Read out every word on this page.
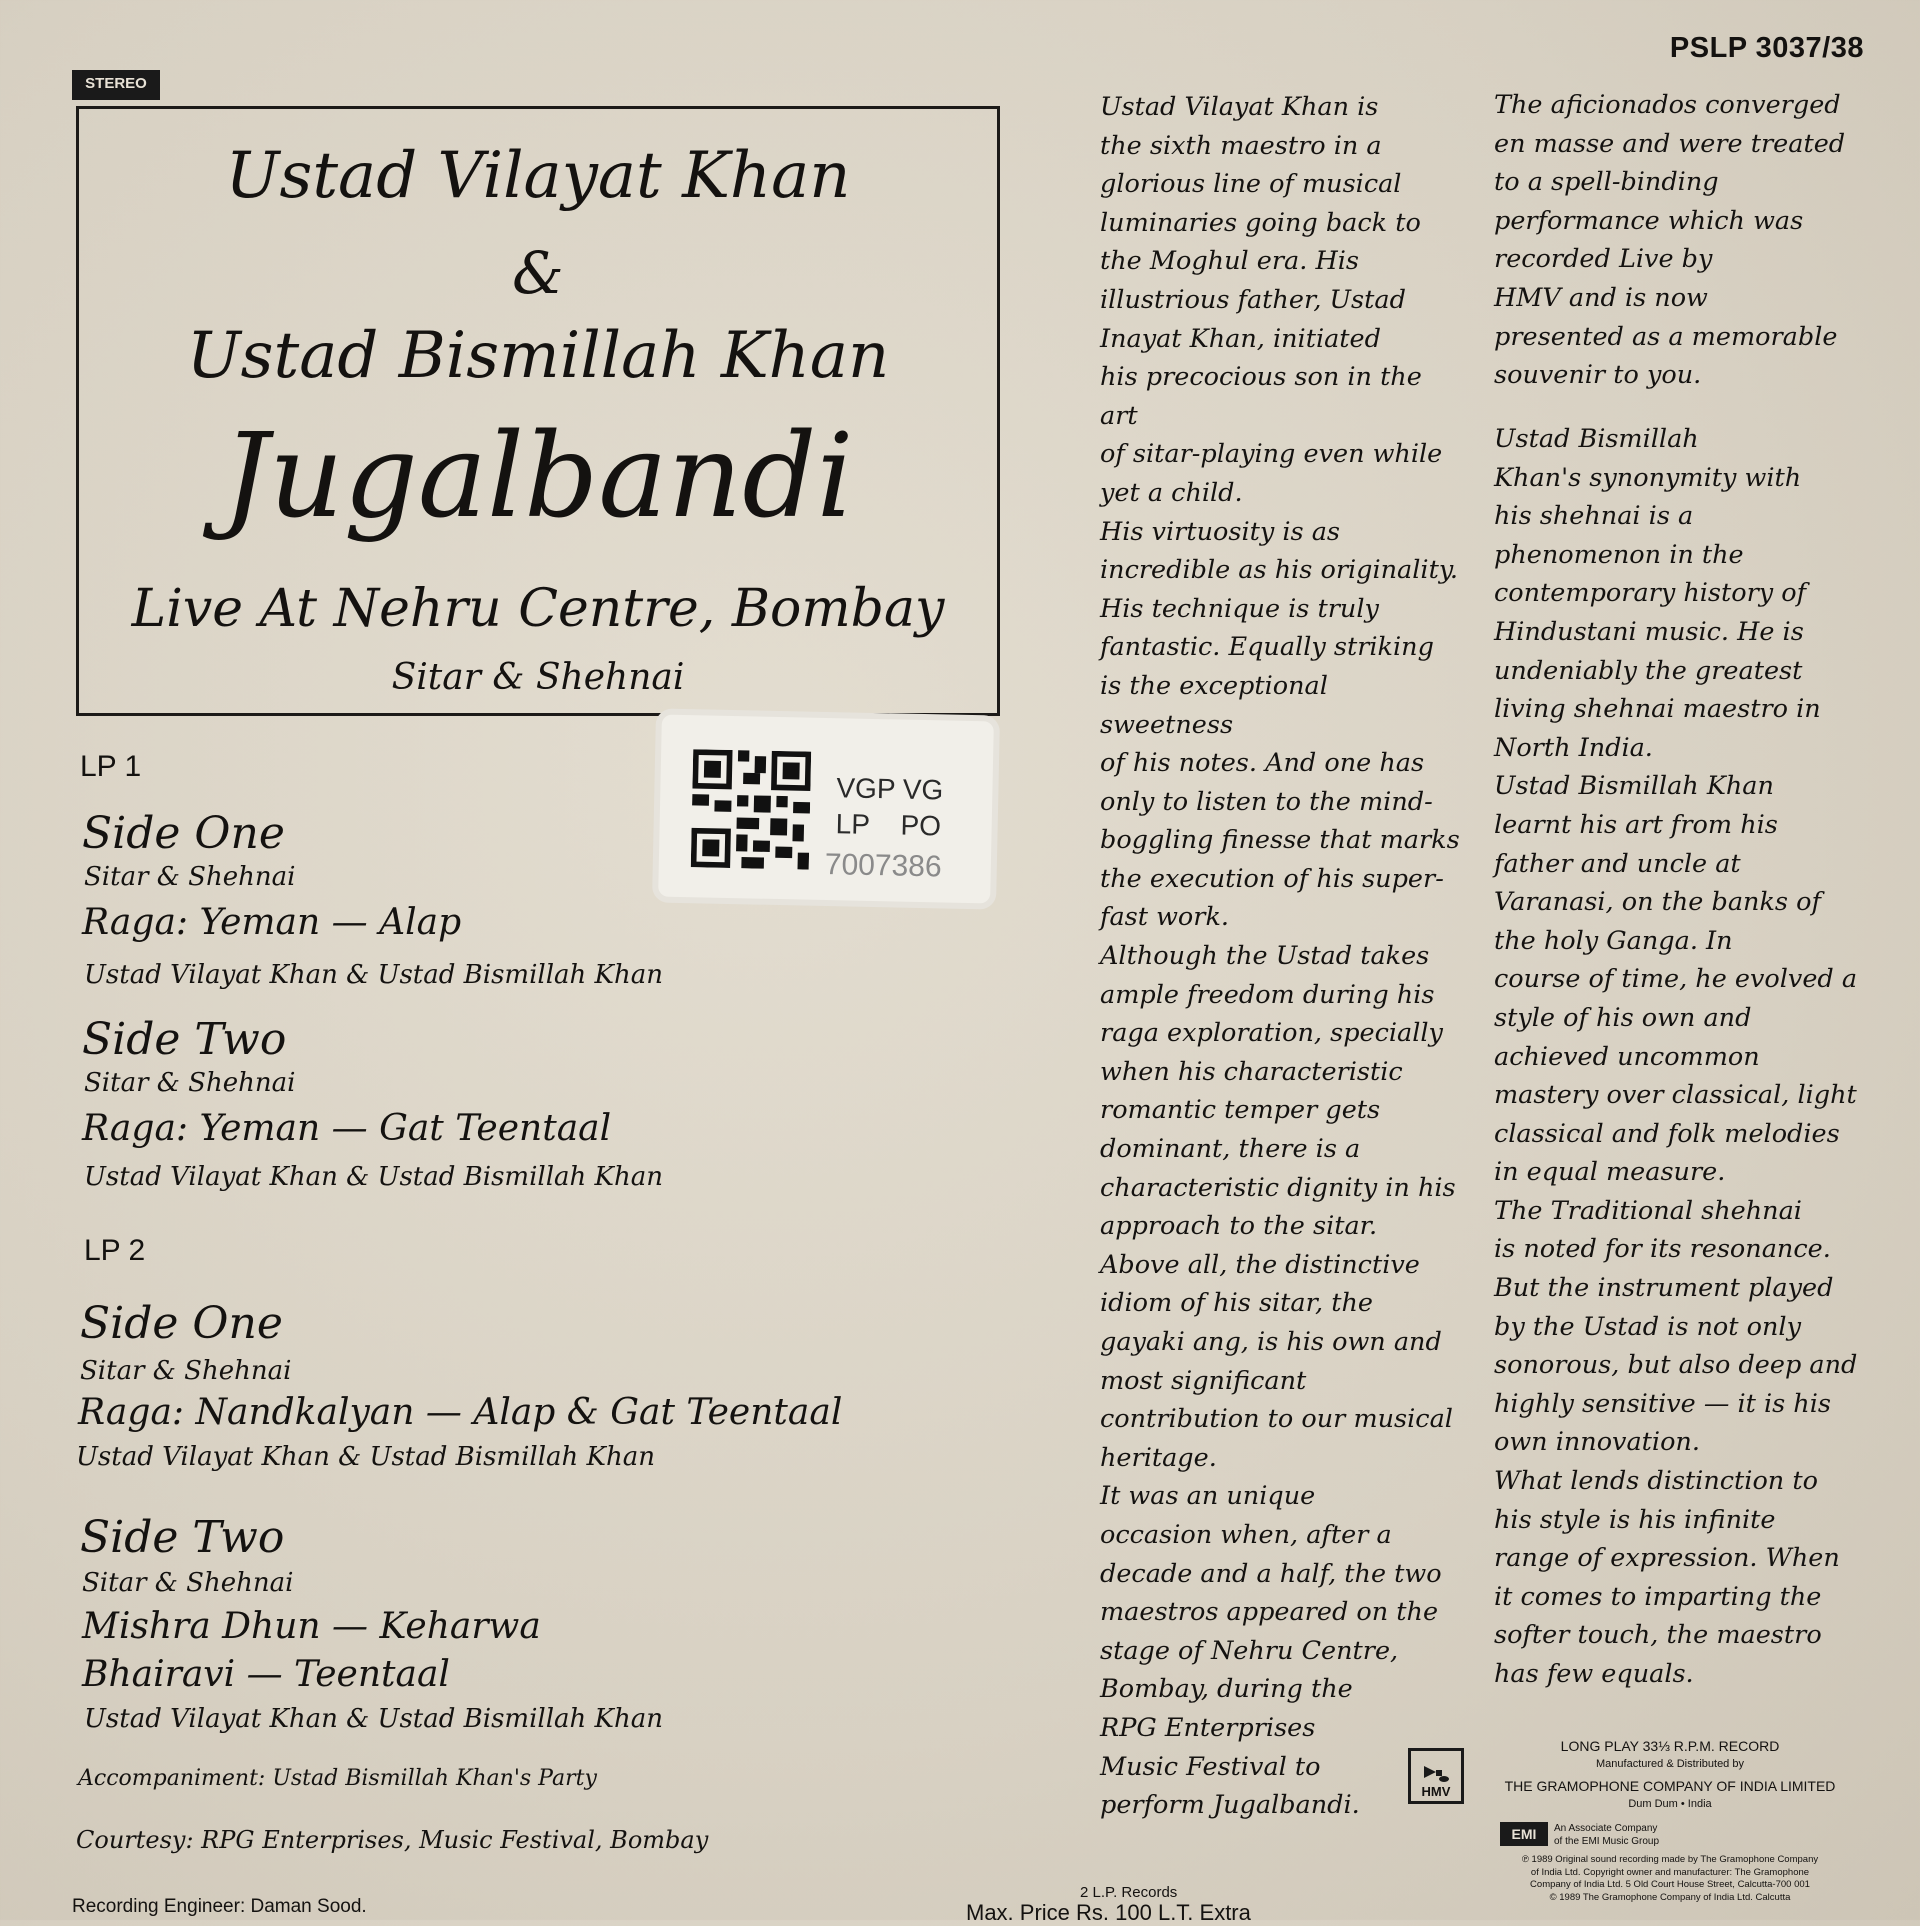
STEREO
PSLP 3037/38
Ustad Vilayat Khan
&
Ustad Bismillah Khan
Jugalbandi
Live At Nehru Centre, Bombay
Sitar & Shehnai
VGP VG
LP    PO
7007386
LP 1
Side One
Sitar & Shehnai
Raga: Yeman — Alap
Ustad Vilayat Khan & Ustad Bismillah Khan
Side Two
Sitar & Shehnai
Raga: Yeman — Gat Teentaal
Ustad Vilayat Khan & Ustad Bismillah Khan
LP 2
Side One
Sitar & Shehnai
Raga: Nandkalyan — Alap & Gat Teentaal
Ustad Vilayat Khan & Ustad Bismillah Khan
Side Two
Sitar & Shehnai
Mishra Dhun — Keharwa
Bhairavi — Teentaal
Ustad Vilayat Khan & Ustad Bismillah Khan
Accompaniment: Ustad Bismillah Khan's Party
Courtesy: RPG Enterprises, Music Festival, Bombay
Recording Engineer: Daman Sood.
Ustad Vilayat Khan is
the sixth maestro in a
glorious line of musical
luminaries going back to
the Moghul era. His
illustrious father, Ustad
Inayat Khan, initiated
his precocious son in the art
of sitar-playing even while
yet a child.
His virtuosity is as
incredible as his originality.
His technique is truly
fantastic. Equally striking
is the exceptional sweetness
of his notes. And one has
only to listen to the mind-
boggling finesse that marks
the execution of his super-
fast work.
Although the Ustad takes
ample freedom during his
raga exploration, specially
when his characteristic
romantic temper gets
dominant, there is a
characteristic dignity in his
approach to the sitar.
Above all, the distinctive
idiom of his sitar, the
gayaki ang, is his own and
most significant
contribution to our musical
heritage.
It was an unique
occasion when, after a
decade and a half, the two
maestros appeared on the
stage of Nehru Centre,
Bombay, during the
RPG Enterprises
Music Festival to
perform Jugalbandi.
The aficionados converged
en masse and were treated
to a spell-binding
performance which was
recorded Live by
HMV and is now
presented as a memorable
souvenir to you.
Ustad Bismillah
Khan's synonymity with
his shehnai is a
phenomenon in the
contemporary history of
Hindustani music. He is
undeniably the greatest
living shehnai maestro in
North India.
Ustad Bismillah Khan
learnt his art from his
father and uncle at
Varanasi, on the banks of
the holy Ganga. In
course of time, he evolved a
style of his own and
achieved uncommon
mastery over classical, light
classical and folk melodies
in equal measure.
The Traditional shehnai
is noted for its resonance.
But the instrument played
by the Ustad is not only
sonorous, but also deep and
highly sensitive — it is his
own innovation.
What lends distinction to
his style is his infinite
range of expression. When
it comes to imparting the
softer touch, the maestro
has few equals.
HMV
LONG PLAY 33⅓ R.P.M. RECORD
Manufactured & Distributed by
THE GRAMOPHONE COMPANY OF INDIA LIMITED
Dum Dum • India
EMI	An Associate Company
of the EMI Music Group
℗ 1989 Original sound recording made by The Gramophone Company
of India Ltd. Copyright owner and manufacturer: The Gramophone
Company of India Ltd. 5 Old Court House Street, Calcutta-700 001
© 1989 The Gramophone Company of India Ltd. Calcutta
2 L.P. Records
Max. Price Rs. 100 L.T. Extra
